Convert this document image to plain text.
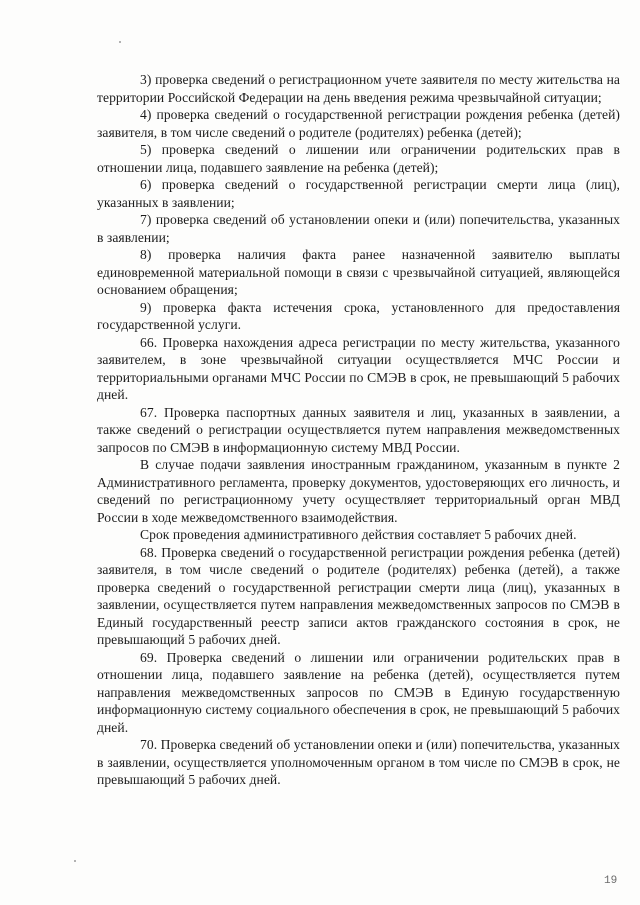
3) проверка сведений о регистрационном учете заявителя по месту жительства на территории Российской Федерации на день введения режима чрезвычайной ситуации;

4) проверка сведений о государственной регистрации рождения ребенка (детей) заявителя, в том числе сведений о родителе (родителях) ребенка (детей);

5) проверка сведений о лишении или ограничении родительских прав в отношении лица, подавшего заявление на ребенка (детей);

6) проверка сведений о государственной регистрации смерти лица (лиц), указанных в заявлении;

7) проверка сведений об установлении опеки и (или) попечительства, указанных в заявлении;

8) проверка наличия факта ранее назначенной заявителю выплаты единовременной материальной помощи в связи с чрезвычайной ситуацией, являющейся основанием обращения;

9) проверка факта истечения срока, установленного для предоставления государственной услуги.

66. Проверка нахождения адреса регистрации по месту жительства, указанного заявителем, в зоне чрезвычайной ситуации осуществляется МЧС России и территориальными органами МЧС России по СМЭВ в срок, не превышающий 5 рабочих дней.

67. Проверка паспортных данных заявителя и лиц, указанных в заявлении, а также сведений о регистрации осуществляется путем направления межведомственных запросов по СМЭВ в информационную систему МВД России.

В случае подачи заявления иностранным гражданином, указанным в пункте 2 Административного регламента, проверку документов, удостоверяющих его личность, и сведений по регистрационному учету осуществляет территориальный орган МВД России в ходе межведомственного взаимодействия.

Срок проведения административного действия составляет 5 рабочих дней.

68. Проверка сведений о государственной регистрации рождения ребенка (детей) заявителя, в том числе сведений о родителе (родителях) ребенка (детей), а также проверка сведений о государственной регистрации смерти лица (лиц), указанных в заявлении, осуществляется путем направления межведомственных запросов по СМЭВ в Единый государственный реестр записи актов гражданского состояния в срок, не превышающий 5 рабочих дней.

69. Проверка сведений о лишении или ограничении родительских прав в отношении лица, подавшего заявление на ребенка (детей), осуществляется путем направления межведомственных запросов по СМЭВ в Единую государственную информационную систему социального обеспечения в срок, не превышающий 5 рабочих дней.

70. Проверка сведений об установлении опеки и (или) попечительства, указанных в заявлении, осуществляется уполномоченным органом в том числе по СМЭВ в срок, не превышающий 5 рабочих дней.

19
